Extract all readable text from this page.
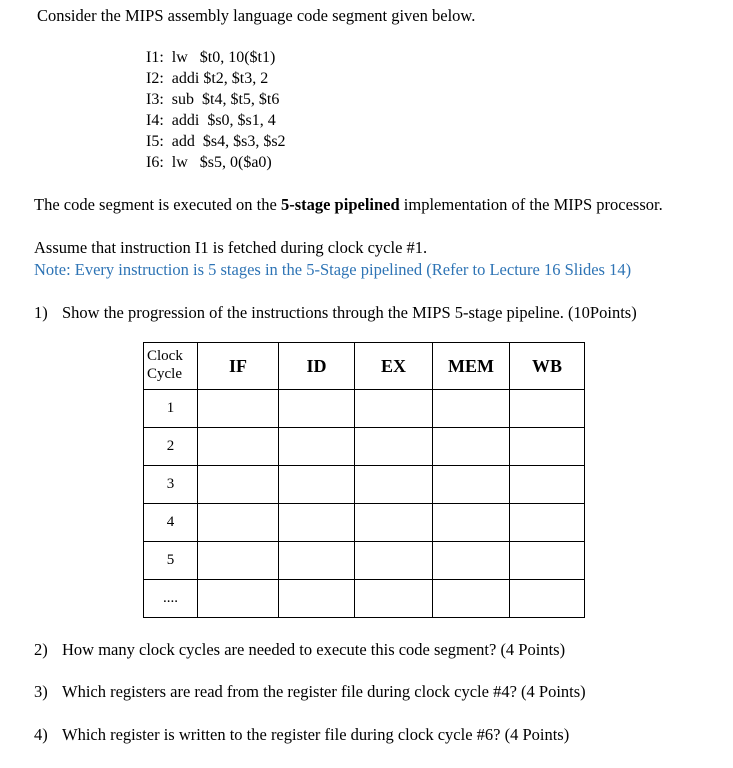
Consider the MIPS assembly language code segment given below.
I1:  lw   $t0, 10($t1)
I2:  addi $t2, $t3, 2
I3:  sub  $t4, $t5, $t6
I4:  addi  $s0, $s1, 4
I5:  add  $s4, $s3, $s2
I6:  lw   $s5, 0($a0)
The code segment is executed on the 5-stage pipelined implementation of the MIPS processor.
Assume that instruction I1 is fetched during clock cycle #1.
Note: Every instruction is 5 stages in the 5-Stage pipelined (Refer to Lecture 16 Slides 14)
1) Show the progression of the instructions through the MIPS 5-stage pipeline. (10Points)
Clock
Cycle	IF	ID	EX	MEM	WB
1					
2					
3					
4					
5					
....					
2) How many clock cycles are needed to execute this code segment? (4 Points)
3) Which registers are read from the register file during clock cycle #4? (4 Points)
4) Which register is written to the register file during clock cycle #6? (4 Points)
